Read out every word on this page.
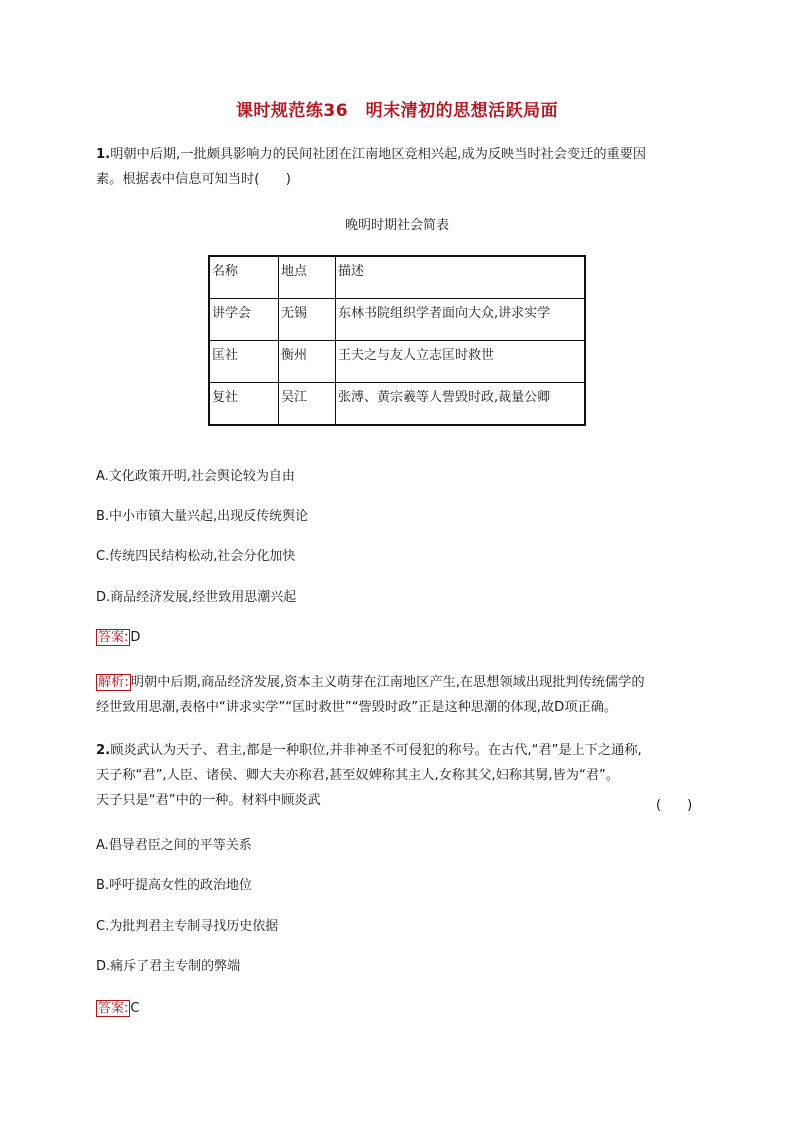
课时规范练36　明末清初的思想活跃局面
1.明朝中后期,一批颇具影响力的民间社团在江南地区竞相兴起,成为反映当时社会变迁的重要因
素。根据表中信息可知当时(　　)
晚明时期社会简表
名称	地点	描述
讲学会	无锡	东林书院组织学者面向大众,讲求实学
匡社	衡州	王夫之与友人立志匡时救世
复社	吴江	张溥、黄宗羲等人訾毁时政,裁量公卿
A.文化政策开明,社会舆论较为自由
B.中小市镇大量兴起,出现反传统舆论
C.传统四民结构松动,社会分化加快
D.商品经济发展,经世致用思潮兴起
答案: D
解析: 明朝中后期,商品经济发展,资本主义萌芽在江南地区产生,在思想领域出现批判传统儒学的
经世致用思潮,表格中“讲求实学”“匡时救世”“訾毁时政”正是这种思潮的体现,故D项正确。
2.顾炎武认为天子、君主,都是一种职位,并非神圣不可侵犯的称号。在古代,“君”是上下之通称,
天子称“君”,人臣、诸侯、卿大夫亦称君,甚至奴婢称其主人,女称其父,妇称其舅,皆为“君”。
天子只是“君”中的一种。材料中顾炎武	(　　)
A.倡导君臣之间的平等关系
B.呼吁提高女性的政治地位
C.为批判君主专制寻找历史依据
D.痛斥了君主专制的弊端
答案: C
